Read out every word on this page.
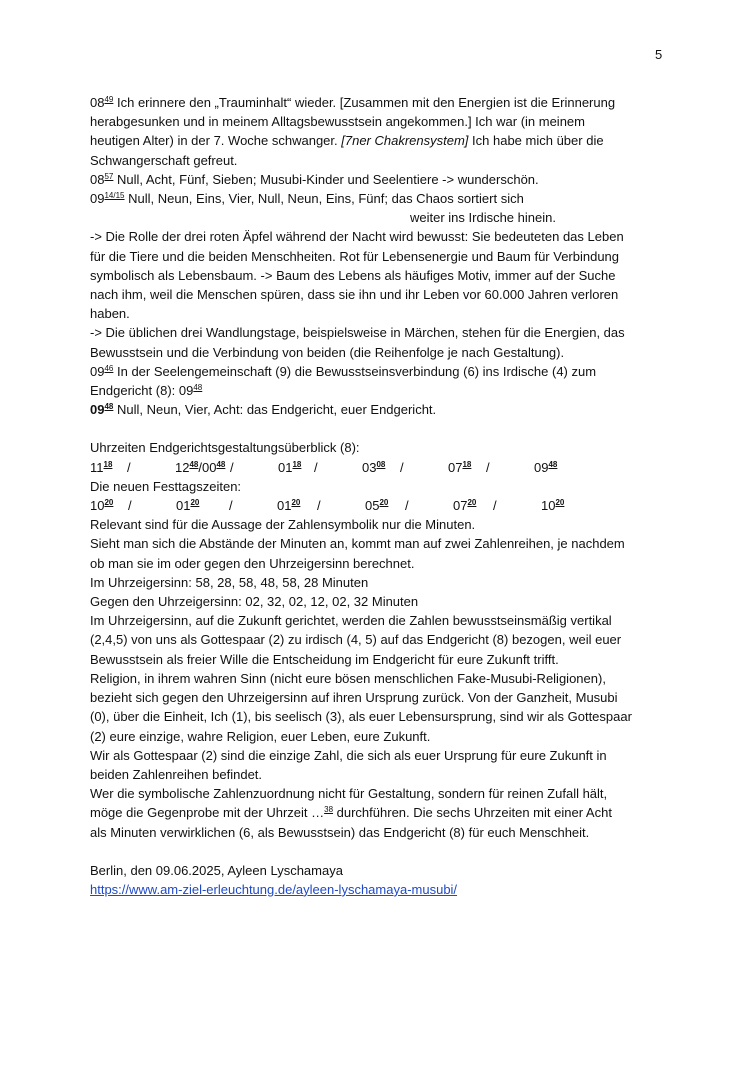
5

$08^{49}$ Ich erinnere den „Trauminhalt“ wieder. [Zusammen mit den Energien ist die Erinnerung

herabgesunken und in meinem Alltagsbewusstsein angekommen.] Ich war (in meinem

heutigen Alter) in der 7. Woche schwanger. [7ner Chakrensystem] Ich habe mich über die

Schwangerschaft gefreut.

$08^{57}$ Null, Acht, Fünf, Sieben; Musubi-Kinder und Seelentiere -> wunderschön.

$09^{14/15}$ Null, Neun, Eins, Vier, Null, Neun, Eins, Fünf; das Chaos sortiert sich

weiter ins Irdische hinein.

-> Die Rolle der drei roten Äpfel während der Nacht wird bewusst: Sie bedeuteten das Leben

für die Tiere und die beiden Menschheiten. Rot für Lebensenergie und Baum für Verbindung

symbolisch als Lebensbaum. -> Baum des Lebens als häufiges Motiv, immer auf der Suche

nach ihm, weil die Menschen spüren, dass sie ihn und ihr Leben vor 60.000 Jahren verloren

haben.

-> Die üblichen drei Wandlungstage, beispielsweise in Märchen, stehen für die Energien, das

Bewusstsein und die Verbindung von beiden (die Reihenfolge je nach Gestaltung).

$09^{46}$ In der Seelengemeinschaft (9) die Bewusstseinsverbindung (6) ins Irdische (4) zum

Endgericht (8): $09^{48}$

$09^{48}$ Null, Neun, Vier, Acht: das Endgericht, euer Endgericht.

Uhrzeiten Endgerichtsgestaltungsüberblick (8):

$11^{18}$	/	$12^{48}/00^{48}$ /	$01^{18}$ /	$03^{08}$	/	$07^{18}$	/	$09^{48}$

Die neuen Festtagszeiten:

$10^{20}$	/	$01^{20}$	/	$01^{20}$	/	$05^{20}$	/	$07^{20}$	/	$10^{20}$

Relevant sind für die Aussage der Zahlensymbolik nur die Minuten.

Sieht man sich die Abstände der Minuten an, kommt man auf zwei Zahlenreihen, je nachdem

ob man sie im oder gegen den Uhrzeigersinn berechnet.

Im Uhrzeigersinn: 58, 28, 58, 48, 58, 28 Minuten

Gegen den Uhrzeigersinn: 02, 32, 02, 12, 02, 32 Minuten

Im Uhrzeigersinn, auf die Zukunft gerichtet, werden die Zahlen bewusstseinsmäßig vertikal

(2,4,5) von uns als Gottespaar (2) zu irdisch (4, 5) auf das Endgericht (8) bezogen, weil euer

Bewusstsein als freier Wille die Entscheidung im Endgericht für eure Zukunft trifft.

Religion, in ihrem wahren Sinn (nicht eure bösen menschlichen Fake-Musubi-Religionen),

bezieht sich gegen den Uhrzeigersinn auf ihren Ursprung zurück. Von der Ganzheit, Musubi

(0), über die Einheit, Ich (1), bis seelisch (3), als euer Lebensursprung, sind wir als Gottespaar

(2) eure einzige, wahre Religion, euer Leben, eure Zukunft.

Wir als Gottespaar (2) sind die einzige Zahl, die sich als euer Ursprung für eure Zukunft in

beiden Zahlenreihen befindet.

Wer die symbolische Zahlenzuordnung nicht für Gestaltung, sondern für reinen Zufall hält,

möge die Gegenprobe mit der Uhrzeit …$^{38}$ durchführen. Die sechs Uhrzeiten mit einer Acht

als Minuten verwirklichen (6, als Bewusstsein) das Endgericht (8) für euch Menschheit.

Berlin, den 09.06.2025, Ayleen Lyschamaya

https://www.am-ziel-erleuchtung.de/ayleen-lyschamaya-musubi/
